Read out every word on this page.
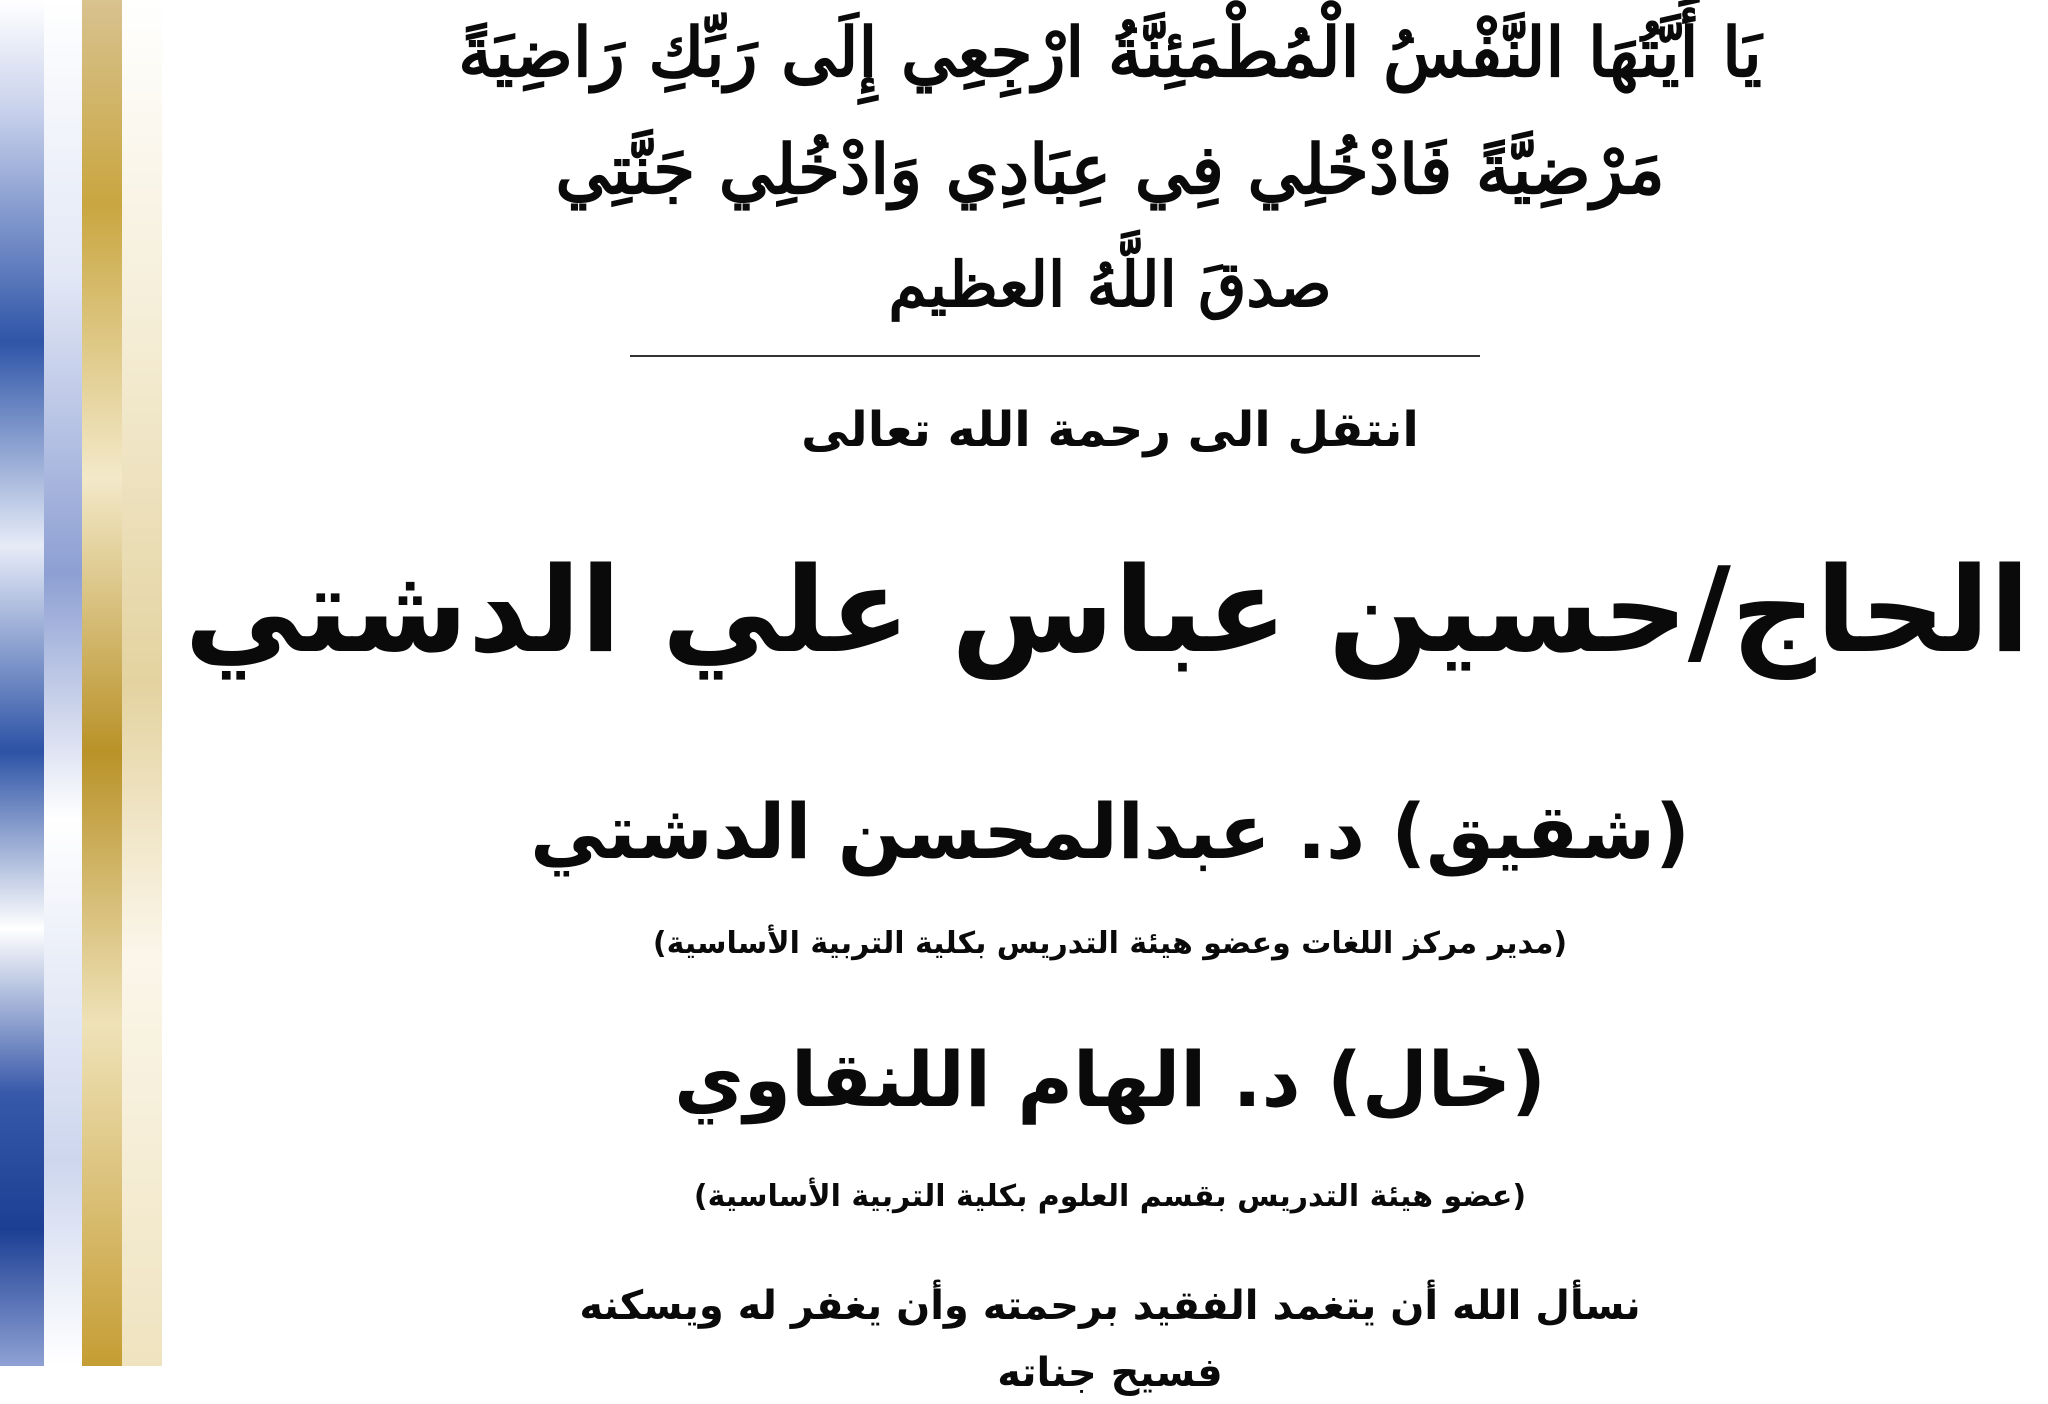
يَا أَيَّتُهَا النَّفْسُ الْمُطْمَئِنَّةُ ارْجِعِي إِلَى رَبِّكِ رَاضِيَةً
مَرْضِيَّةً فَادْخُلِي فِي عِبَادِي وَادْخُلِي جَنَّتِي
صدقَ اللَّهُ العظيم
انتقل الى رحمة الله تعالى
الحاج/حسين عباس علي الدشتي
(شقيق) د. عبدالمحسن الدشتي
(مدير مركز اللغات وعضو هيئة التدريس بكلية التربية الأساسية)
(خال) د. الهام اللنقاوي
(عضو هيئة التدريس بقسم العلوم بكلية التربية الأساسية)
نسأل الله أن يتغمد الفقيد برحمته وأن يغفر له ويسكنه
فسيح جناته
